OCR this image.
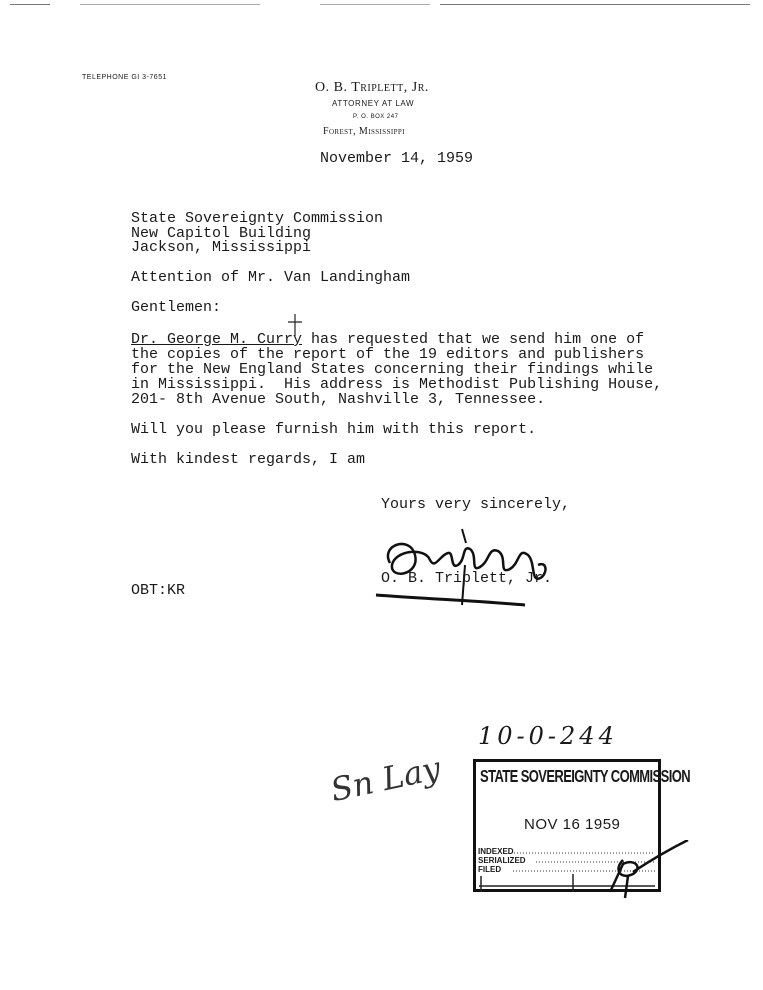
TELEPHONE GI 3-7651
O. B. Triplett, Jr.
ATTORNEY AT LAW
P. O. BOX 247
Forest, Mississippi
November 14, 1959
State Sovereignty Commission
New Capitol Building
Jackson, Mississippi
Attention of Mr. Van Landingham
Gentlemen:
Dr. George M. Curry has requested that we send him one of
the copies of the report of the 19 editors and publishers
for the New England States concerning their findings while
in Mississippi.  His address is Methodist Publishing House,
201- 8th Avenue South, Nashville 3, Tennessee.
Will you please furnish him with this report.
With kindest regards, I am
Yours very sincerely,
O. B. Triplett, Jr.
OBT:KR
10-0-244
Sn Lay	STATE SOVEREIGNTY COMMISSION
NOV 16 1959
INDEXED
SERIALIZED
FILED
